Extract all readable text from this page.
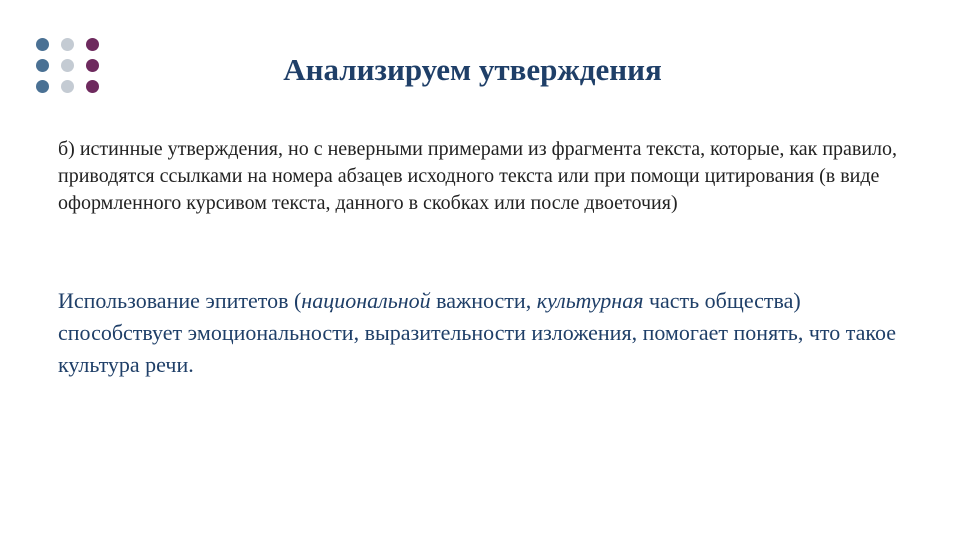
Анализируем утверждения

б) истинные утверждения, но с неверными примерами из фрагмента текста, которые, как правило, приводятся ссылками на номера абзацев исходного текста или при помощи цитирования (в виде оформленного курсивом текста, данного в скобках или после двоеточия)

Использование эпитетов (национальной важности, культурная часть общества) способствует эмоциональности, выразительности изложения, помогает понять, что такое культура речи.
